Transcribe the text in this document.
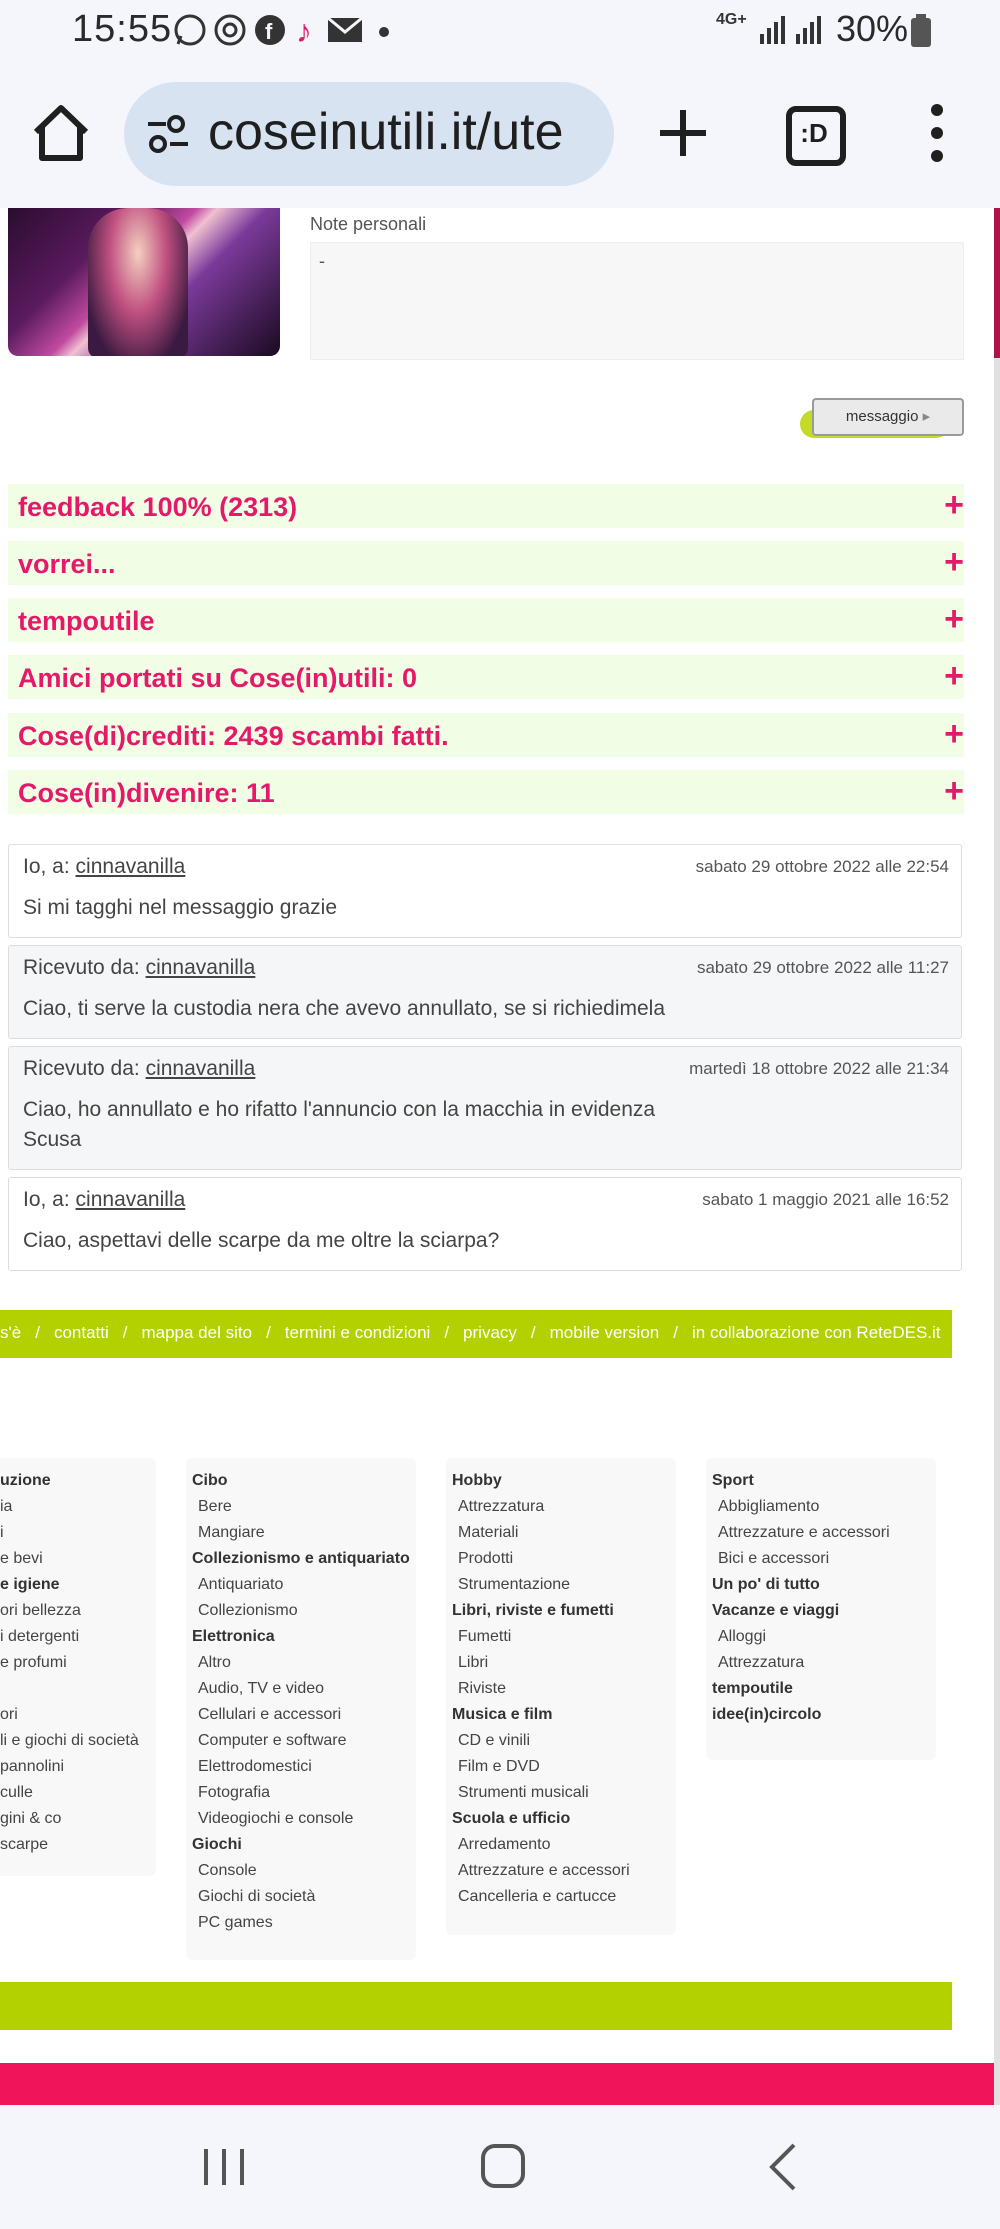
15:55	f ♪	4G+ 30%
coseinutili.it/ute	:D
Note personali
-
messaggio ▸
feedback 100% (2313)	+
vorrei...	+
tempoutile	+
Amici portati su Cose(in)utili: 0	+
Cose(di)crediti: 2439 scambi fatti.	+
Cose(in)divenire: 11	+
Io, a: cinnavanilla	sabato 29 ottobre 2022 alle 22:54
Si mi tagghi nel messaggio grazie
Ricevuto da: cinnavanilla	sabato 29 ottobre 2022 alle 11:27
Ciao, ti serve la custodia nera che avevo annullato, se si richiedimela
Ricevuto da: cinnavanilla	martedì 18 ottobre 2022 alle 21:34
Ciao, ho annullato e ho rifatto l'annuncio con la macchia in evidenza Scusa
Io, a: cinnavanilla	sabato 1 maggio 2021 alle 16:52
Ciao, aspettavi delle scarpe da me oltre la sciarpa?
s'è / contatti / mappa del sito / termini e condizioni / privacy / mobile version / in collaborazione con ReteDES.it
uzione
ia
i
e bevi
e igiene
ori bellezza
i detergenti
e profumi
ori
li e giochi di società
pannolini
culle
gini & co
scarpe
Cibo
Bere
Mangiare
Collezionismo e antiquariato
Antiquariato
Collezionismo
Elettronica
Altro
Audio, TV e video
Cellulari e accessori
Computer e software
Elettrodomestici
Fotografia
Videogiochi e console
Giochi
Console
Giochi di società
PC games
Hobby
Attrezzatura
Materiali
Prodotti
Strumentazione
Libri, riviste e fumetti
Fumetti
Libri
Riviste
Musica e film
CD e vinili
Film e DVD
Strumenti musicali
Scuola e ufficio
Arredamento
Attrezzature e accessori
Cancelleria e cartucce
Sport
Abbigliamento
Attrezzature e accessori
Bici e accessori
Un po' di tutto
Vacanze e viaggi
Alloggi
Attrezzatura
tempoutile
idee(in)circolo
